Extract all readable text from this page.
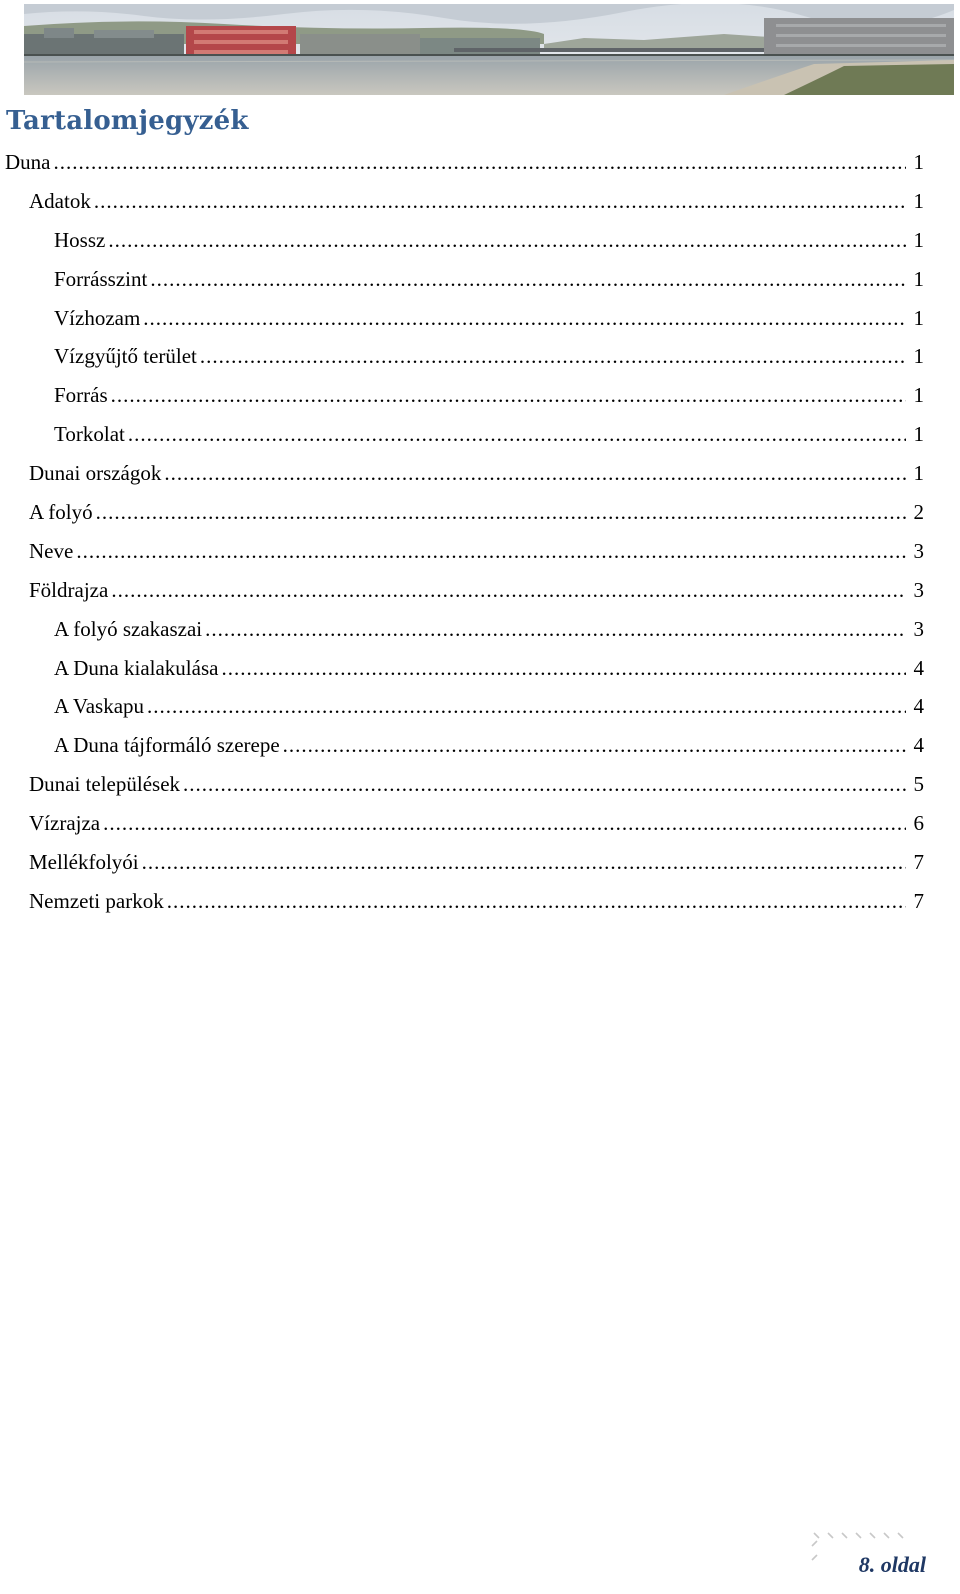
Tartalomjegyzék
Duna .....	1
Adatok .....	1
Hossz .....	1
Forrásszint .....	1
Vízhozam .....	1
Vízgyűjtő terület .....	1
Forrás .....	1
Torkolat .....	1
Dunai országok .....	1
A folyó .....	2
Neve .....	3
Földrajza .....	3
A folyó szakaszai .....	3
A Duna kialakulása .....	4
A Vaskapu .....	4
A Duna tájformáló szerepe .....	4
Dunai települések .....	5
Vízrajza .....	6
Mellékfolyói .....	7
Nemzeti parkok .....	7
8. oldal
